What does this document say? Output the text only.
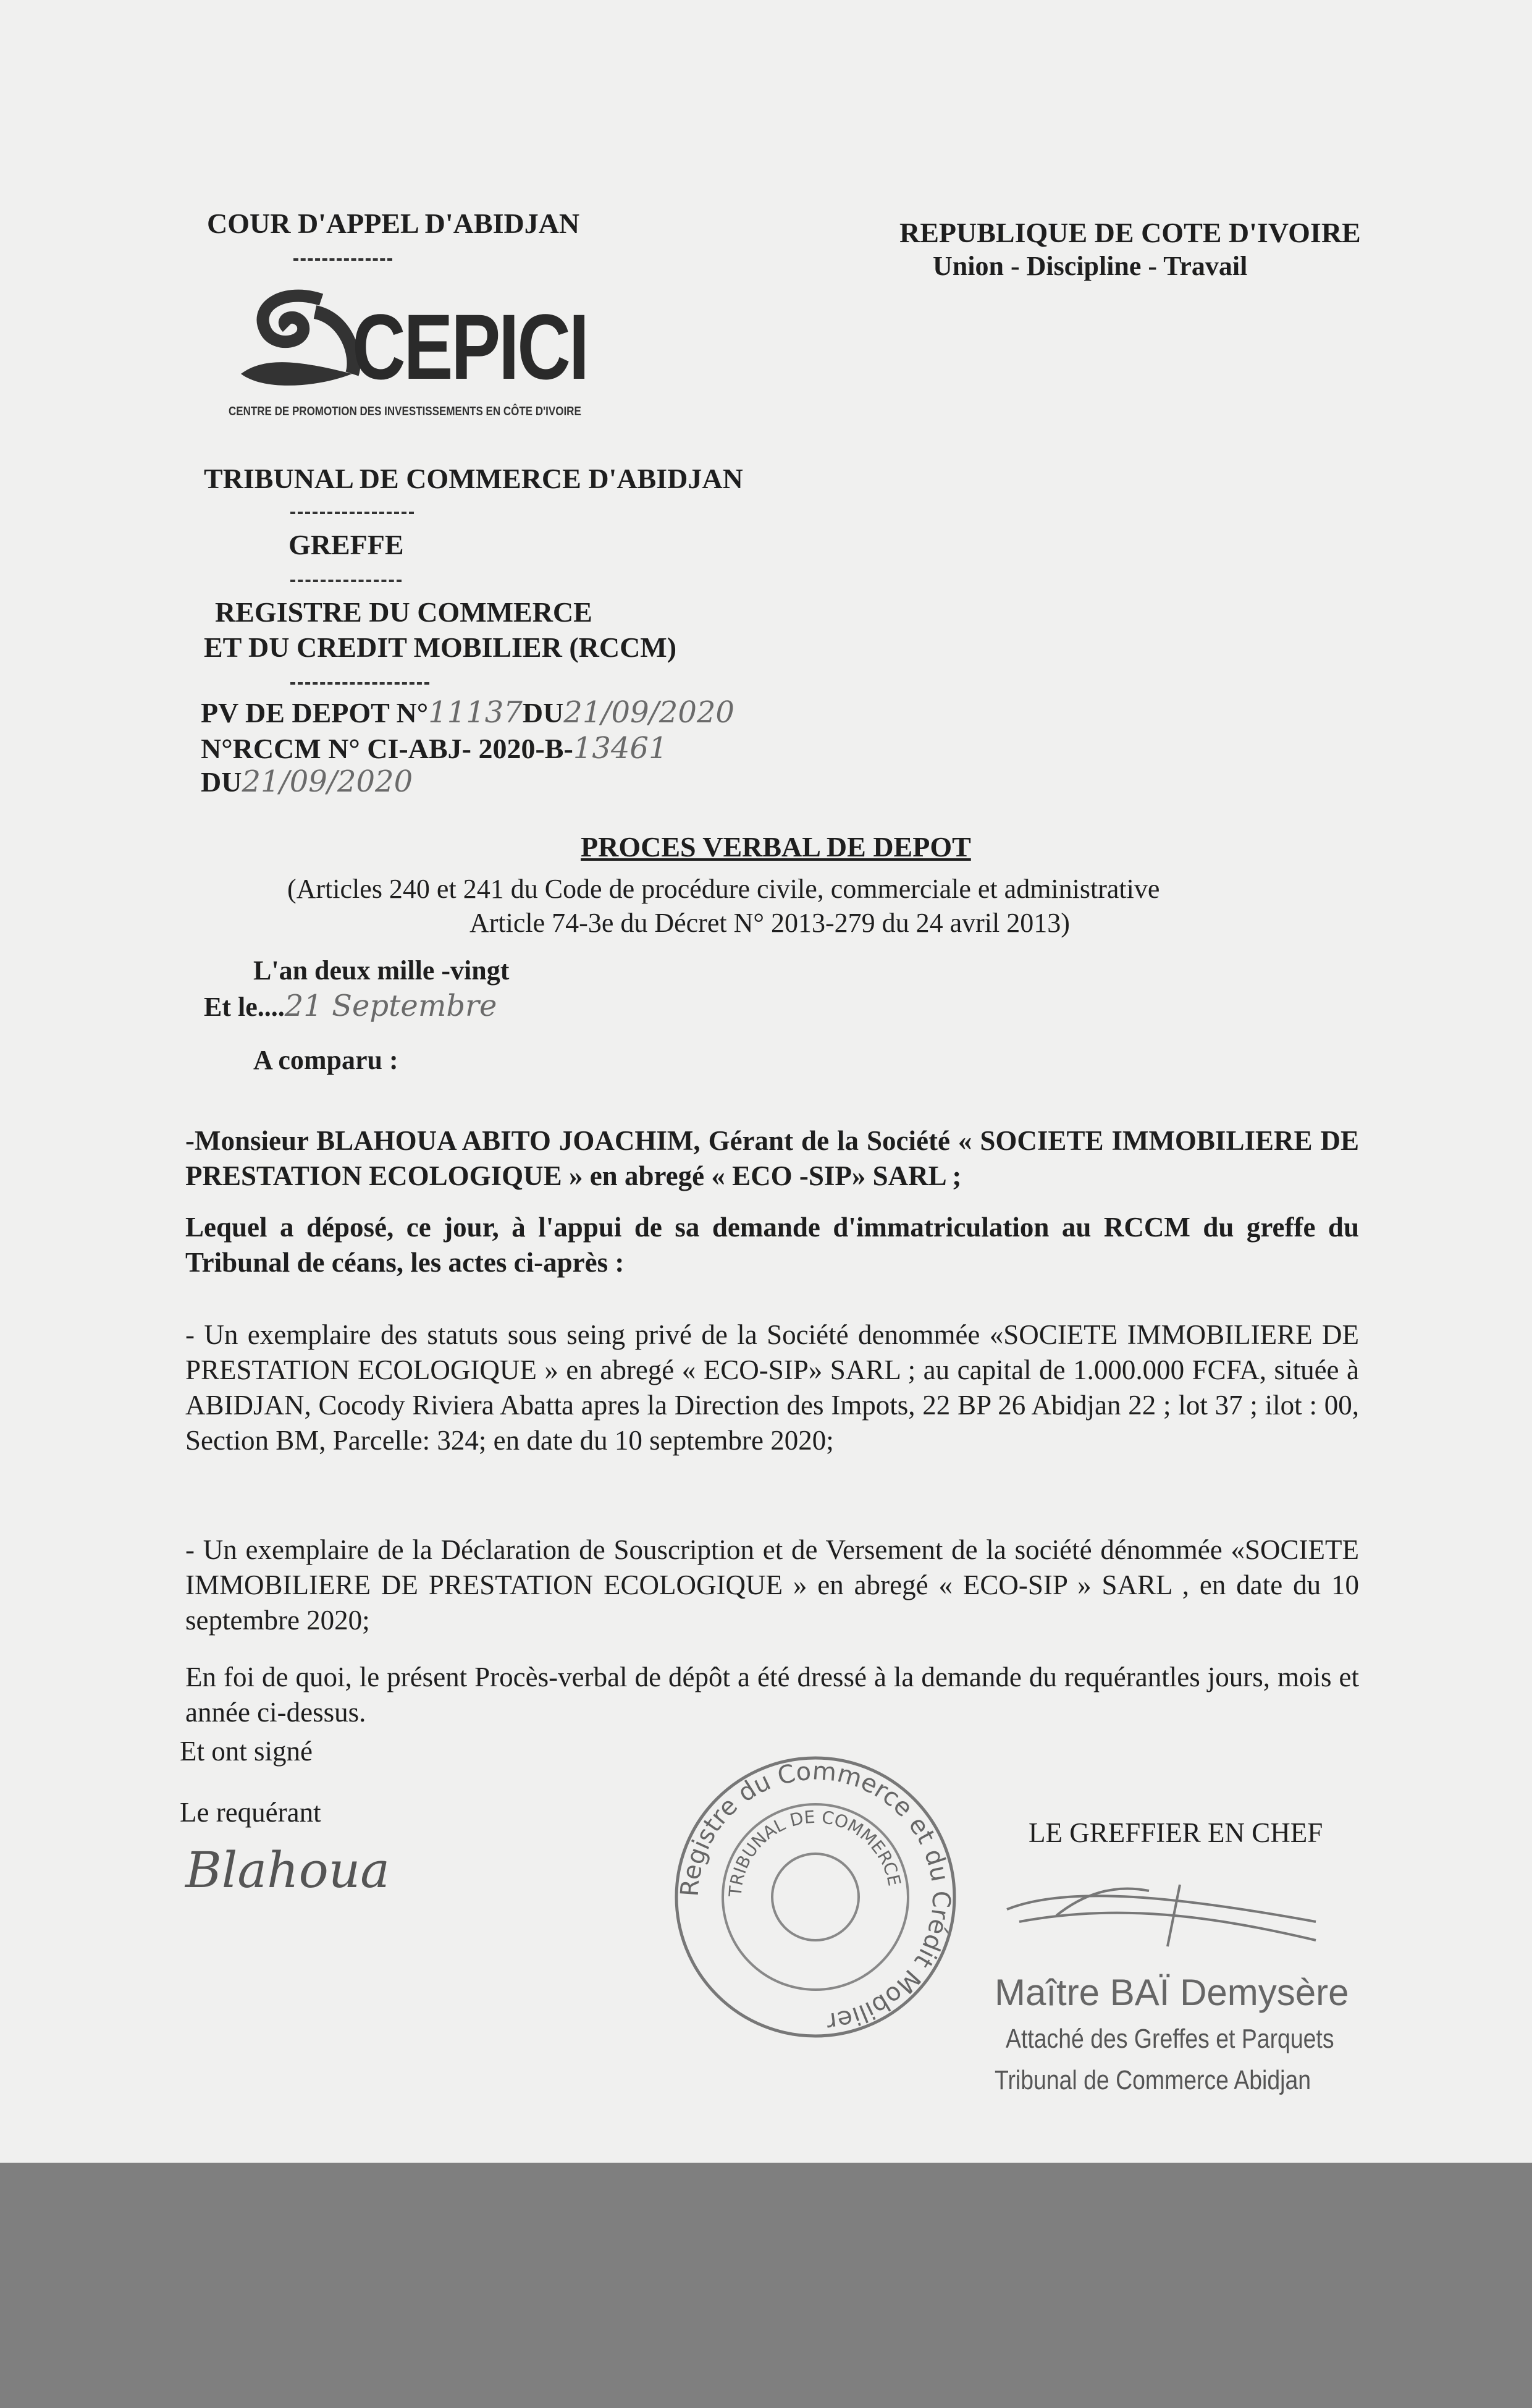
COUR D'APPEL D'ABIDJAN	REPUBLIQUE DE COTE D'IVOIRE
Union - Discipline - Travail
CEPICI
CENTRE DE PROMOTION DES INVESTISSEMENTS EN CÔTE D'IVOIRE
TRIBUNAL DE COMMERCE D'ABIDJAN
GREFFE
REGISTRE DU COMMERCE
ET DU CREDIT MOBILIER (RCCM)
PV DE DEPOT N°11137DU21/09/2020
N°RCCM N° CI-ABJ- 2020-B-13461
DU21/09/2020
PROCES VERBAL DE DEPOT
(Articles 240 et 241 du Code de procédure civile, commerciale et administrative
Article 74-3e du Décret N° 2013-279 du 24 avril 2013)
L'an deux mille -vingt
Et le....21 Septembre
A comparu :
-Monsieur BLAHOUA ABITO JOACHIM, Gérant de la Société « SOCIETE IMMOBILIERE DE PRESTATION ECOLOGIQUE » en abregé « ECO -SIP» SARL ;
Lequel a déposé, ce jour, à l'appui de sa demande d'immatriculation au RCCM du greffe du Tribunal de céans, les actes ci-après :
- Un exemplaire des statuts sous seing privé de la Société denommée «SOCIETE IMMOBILIERE DE PRESTATION ECOLOGIQUE » en abregé « ECO-SIP» SARL ; au capital de 1.000.000 FCFA, située à ABIDJAN, Cocody Riviera Abatta apres la Direction des Impots, 22 BP 26 Abidjan 22 ; lot 37 ; ilot : 00, Section BM, Parcelle: 324; en date du 10 septembre 2020;
- Un exemplaire de la Déclaration de Souscription et de Versement de la société dénommée «SOCIETE IMMOBILIERE DE PRESTATION ECOLOGIQUE » en abregé « ECO-SIP » SARL , en date du 10 septembre 2020;
En foi de quoi, le présent Procès-verbal de dépôt a été dressé à la demande du requérantles jours, mois et année ci-dessus.
Et ont signé
Le requérant
Blahoua	Registre du Commerce et du Crédit Mobilier
TRIBUNAL DE COMMERCE
LE GREFFIER EN CHEF
Maître BAÏ Demysère
Attaché des Greffes et Parquets
Tribunal de Commerce Abidjan
